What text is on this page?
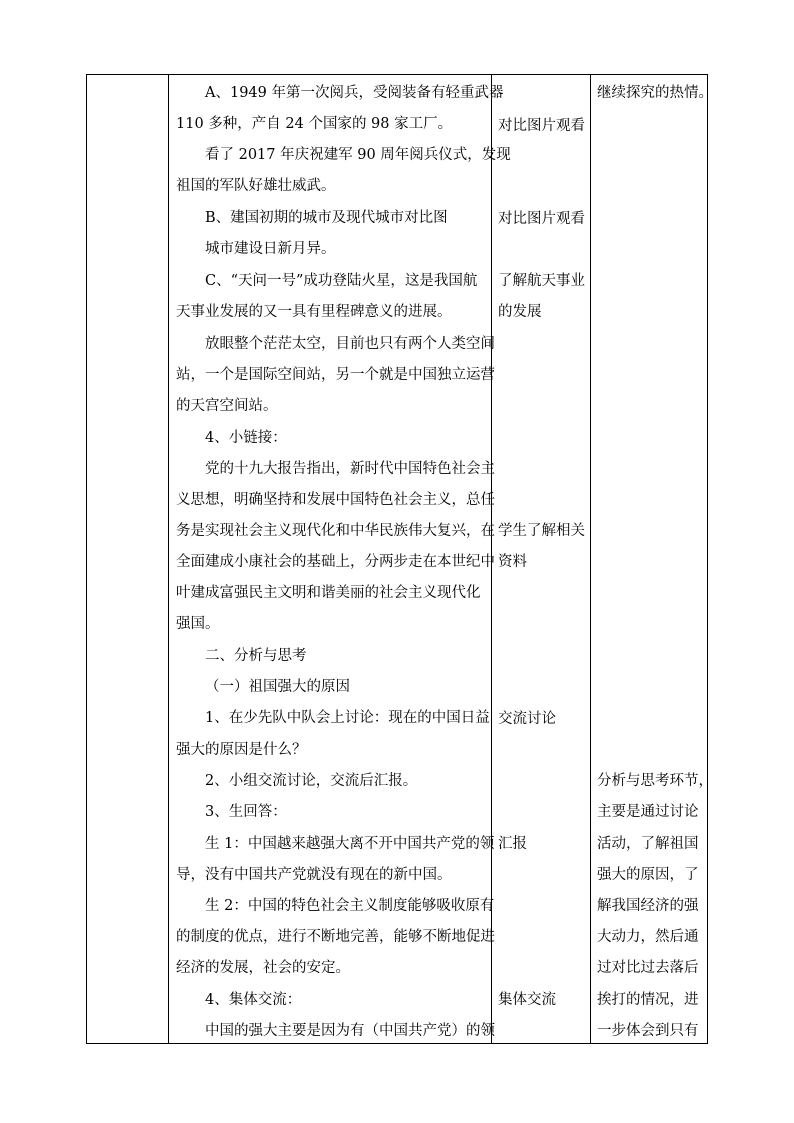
A、1949 年第一次阅兵，受阅装备有轻重武器
110 多种，产自 24 个国家的 98 家工厂。
看了 2017 年庆祝建军 90 周年阅兵仪式，发现
祖国的军队好雄壮威武。
B、建国初期的城市及现代城市对比图
城市建设日新月异。
C、“天问一号”成功登陆火星，这是我国航
天事业发展的又一具有里程碑意义的进展。
放眼整个茫茫太空，目前也只有两个人类空间
站，一个是国际空间站，另一个就是中国独立运营
的天宫空间站。
4、小链接：
党的十九大报告指出，新时代中国特色社会主
义思想，明确坚持和发展中国特色社会主义，总任
务是实现社会主义现代化和中华民族伟大复兴，在
全面建成小康社会的基础上，分两步走在本世纪中
叶建成富强民主文明和谐美丽的社会主义现代化
强国。
二、分析与思考
（一）祖国强大的原因
1、在少先队中队会上讨论：现在的中国日益
强大的原因是什么？
2、小组交流讨论，交流后汇报。
3、生回答：
生 1：中国越来越强大离不开中国共产党的领
导，没有中国共产党就没有现在的新中国。
生 2：中国的特色社会主义制度能够吸收原有
的制度的优点，进行不断地完善，能够不断地促进
经济的发展，社会的安定。
4、集体交流：
中国的强大主要是因为有（中国共产党）的领
对比图片观看
对比图片观看
了解航天事业
的发展
学生了解相关
资料
交流讨论
汇报
集体交流
继续探究的热情。
分析与思考环节，
主要是通过讨论
活动，了解祖国
强大的原因，了
解我国经济的强
大动力，然后通
过对比过去落后
挨打的情况，进
一步体会到只有
